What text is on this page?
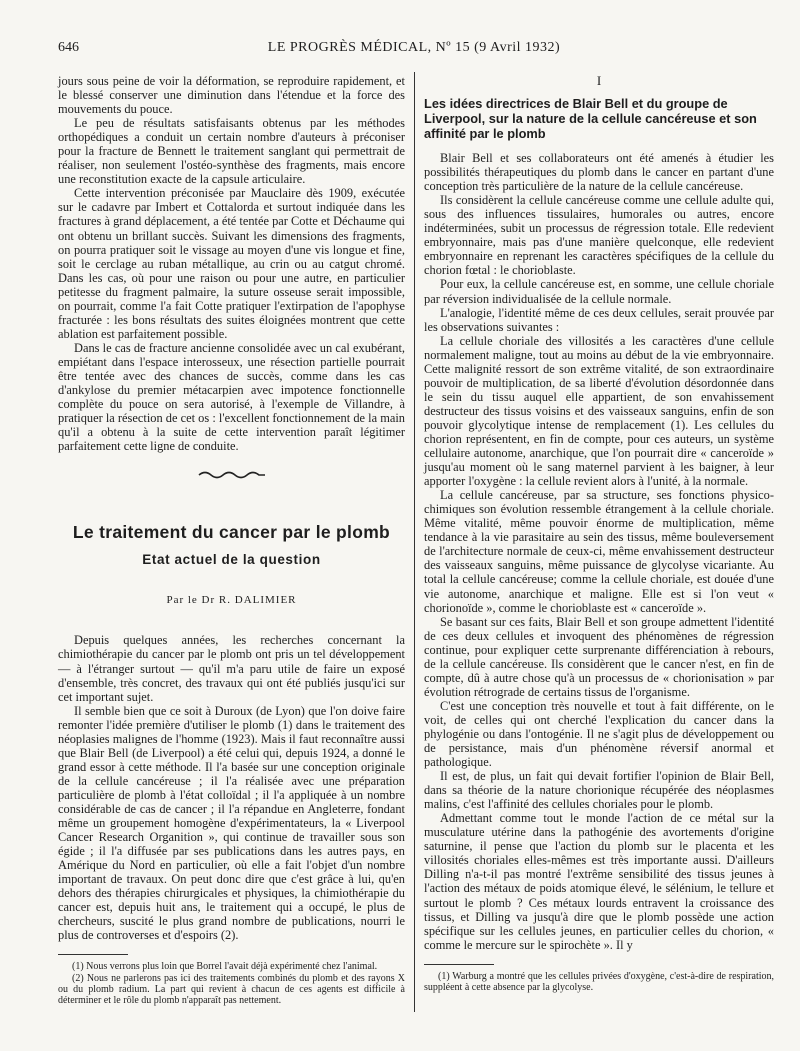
646	LE PROGRÈS MÉDICAL, Nº 15 (9 Avril 1932)

jours sous peine de voir la déformation, se reproduire rapidement, et le blessé conserver une diminution dans l'étendue et la force des mouvements du pouce.

Le peu de résultats satisfaisants obtenus par les méthodes orthopédiques a conduit un certain nombre d'auteurs à préconiser pour la fracture de Bennett le traitement sanglant qui permettrait de réaliser, non seulement l'ostéo-synthèse des fragments, mais encore une reconstitution exacte de la capsule articulaire.

Cette intervention préconisée par Mauclaire dès 1909, exécutée sur le cadavre par Imbert et Cottalorda et surtout indiquée dans les fractures à grand déplacement, a été tentée par Cotte et Déchaume qui ont obtenu un brillant succès. Suivant les dimensions des fragments, on pourra pratiquer soit le vissage au moyen d'une vis longue et fine, soit le cerclage au ruban métallique, au crin ou au catgut chromé. Dans les cas, où pour une raison ou pour une autre, en particulier petitesse du fragment palmaire, la suture osseuse serait impossible, on pourrait, comme l'a fait Cotte pratiquer l'extirpation de l'apophyse fracturée : les bons résultats des suites éloignées montrent que cette ablation est parfaitement possible.

Dans le cas de fracture ancienne consolidée avec un cal exubérant, empiétant dans l'espace interosseux, une résection partielle pourrait être tentée avec des chances de succès, comme dans les cas d'ankylose du premier métacarpien avec impotence fonctionnelle complète du pouce on sera autorisé, à l'exemple de Villandre, à pratiquer la résection de cet os : l'excellent fonctionnement de la main qu'il a obtenu à la suite de cette intervention paraît légitimer parfaitement cette ligne de conduite.

Le traitement du cancer par le plomb
Etat actuel de la question
Par le Dr R. DALIMIER

Depuis quelques années, les recherches concernant la chimiothérapie du cancer par le plomb ont pris un tel développement — à l'étranger surtout — qu'il m'a paru utile de faire un exposé d'ensemble, très concret, des travaux qui ont été publiés jusqu'ici sur cet important sujet.

Il semble bien que ce soit à Duroux (de Lyon) que l'on doive faire remonter l'idée première d'utiliser le plomb (1) dans le traitement des néoplasies malignes de l'homme (1923). Mais il faut reconnaître aussi que Blair Bell (de Liverpool) a été celui qui, depuis 1924, a donné le grand essor à cette méthode. Il l'a basée sur une conception originale de la cellule cancéreuse ; il l'a réalisée avec une préparation particulière de plomb à l'état colloïdal ; il l'a appliquée à un nombre considérable de cas de cancer ; il l'a répandue en Angleterre, fondant même un groupement homogène d'expérimentateurs, la « Liverpool Cancer Research Organition », qui continue de travailler sous son égide ; il l'a diffusée par ses publications dans les autres pays, en Amérique du Nord en particulier, où elle a fait l'objet d'un nombre important de travaux. On peut donc dire que c'est grâce à lui, qu'en dehors des thérapies chirurgicales et physiques, la chimiothérapie du cancer est, depuis huit ans, le traitement qui a occupé, le plus de chercheurs, suscité le plus grand nombre de publications, nourri le plus de controverses et d'espoirs (2).

(1) Nous verrons plus loin que Borrel l'avait déjà expérimenté chez l'animal.

(2) Nous ne parlerons pas ici des traitements combinés du plomb et des rayons X ou du plomb radium. La part qui revient à chacun de ces agents est difficile à déterminer et le rôle du plomb n'apparaît pas nettement.

I
Les idées directrices de Blair Bell et du groupe de Liverpool, sur la nature de la cellule cancéreuse et son affinité par le plomb

Blair Bell et ses collaborateurs ont été amenés à étudier les possibilités thérapeutiques du plomb dans le cancer en partant d'une conception très particulière de la nature de la cellule cancéreuse.

Ils considèrent la cellule cancéreuse comme une cellule adulte qui, sous des influences tissulaires, humorales ou autres, encore indéterminées, subit un processus de régression totale. Elle redevient embryonnaire, mais pas d'une manière quelconque, elle redevient embryonnaire en reprenant les caractères spécifiques de la cellule du chorion fœtal : le chorioblaste.

Pour eux, la cellule cancéreuse est, en somme, une cellule choriale par réversion individualisée de la cellule normale.

L'analogie, l'identité même de ces deux cellules, serait prouvée par les observations suivantes :

La cellule choriale des villosités a les caractères d'une cellule normalement maligne, tout au moins au début de la vie embryonnaire. Cette malignité ressort de son extrême vitalité, de son extraordinaire pouvoir de multiplication, de sa liberté d'évolution désordonnée dans le sein du tissu auquel elle appartient, de son envahissement destructeur des tissus voisins et des vaisseaux sanguins, enfin de son pouvoir glycolytique intense de remplacement (1). Les cellules du chorion représentent, en fin de compte, pour ces auteurs, un système cellulaire autonome, anarchique, que l'on pourrait dire « canceroïde » jusqu'au moment où le sang maternel parvient à les baigner, à leur apporter l'oxygène : la cellule revient alors à l'unité, à la normale.

La cellule cancéreuse, par sa structure, ses fonctions physico-chimiques son évolution ressemble étrangement à la cellule choriale. Même vitalité, même pouvoir énorme de multiplication, même tendance à la vie parasitaire au sein des tissus, même bouleversement de l'architecture normale de ceux-ci, même envahissement destructeur des vaisseaux sanguins, même puissance de glycolyse vicariante. Au total la cellule cancéreuse; comme la cellule choriale, est douée d'une vie autonome, anarchique et maligne. Elle est si l'on veut « chorionoïde », comme le chorioblaste est « canceroïde ».

Se basant sur ces faits, Blair Bell et son groupe admettent l'identité de ces deux cellules et invoquent des phénomènes de régression continue, pour expliquer cette surprenante différenciation à rebours, de la cellule cancéreuse. Ils considèrent que le cancer n'est, en fin de compte, dû à autre chose qu'à un processus de « chorionisation » par évolution rétrograde de certains tissus de l'organisme.

C'est une conception très nouvelle et tout à fait différente, on le voit, de celles qui ont cherché l'explication du cancer dans la phylogénie ou dans l'ontogénie. Il ne s'agit plus de développement ou de persistance, mais d'un phénomène réversif anormal et pathologique.

Il est, de plus, un fait qui devait fortifier l'opinion de Blair Bell, dans sa théorie de la nature chorionique récupérée des néoplasmes malins, c'est l'affinité des cellules choriales pour le plomb.

Admettant comme tout le monde l'action de ce métal sur la musculature utérine dans la pathogénie des avortements d'origine saturnine, il pense que l'action du plomb sur le placenta et les villosités choriales elles-mêmes est très importante aussi. D'ailleurs Dilling n'a-t-il pas montré l'extrême sensibilité des tissus jeunes à l'action des métaux de poids atomique élevé, le sélénium, le tellure et surtout le plomb ? Ces métaux lourds entravent la croissance des tissus, et Dilling va jusqu'à dire que le plomb possède une action spécifique sur les cellules jeunes, en particulier celles du chorion, « comme le mercure sur le spirochète ». Il y

(1) Warburg a montré que les cellules privées d'oxygène, c'est-à-dire de respiration, suppléent à cette absence par la glycolyse.
